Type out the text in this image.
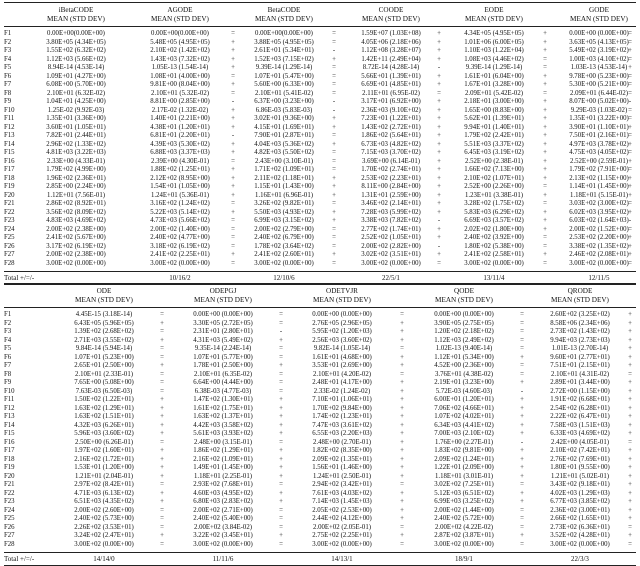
iBetaCODE
MEAN (STD DEV)
AGODE
MEAN (STD DEV)
BetaCODE
MEAN (STD DEV)
COODE
MEAN (STD DEV)
EODE
MEAN (STD DEV)
GODE
MEAN (STD DEV)
F1	0.00E+00(0.00E+00)	0.00E+00(0.00E+00)	=	0.00E+00(0.00E+00)	=	1.59E+07 (1.03E+08)	+	4.34E+05 (4.95E+05)	+	0.00E+00 (0.00E+00) =
F2	3.80E+05 (4.34E+05)	5.48E+05 (4.95E+05)	+	3.88E+05 (4.95E+05)	=	4.05E+06 (2.18E+06)	+	1.01E+06 (6.00E+05)	+	3.63E+05 (4.13E+05) =
F3	1.55E+02 (6.32E+02)	2.10E+02 (1.42E+02)	+	2.61E+01 (5.34E+01)	-	1.12E+08 (3.28E+07)	+	1.10E+03 (1.22E+04)	+	5.49E+02 (3.19E+02) +
F4	1.12E+03 (5.66E+02)	1.43E+03 (7.32E+02)	+	1.52E+03 (7.15E+02)	+	1.42E+11 (2.49E+04)	+	1.08E+03 (4.46E+02)	=	1.00E+03 (4.10E+02) =
F5	8.94E-14 (4.53E-14)	1.05E-13 (1.54E-14)	+	9.39E-14 (1.29E-14)	=	8.72E-14 (4.28E-14)	-	9.39E-14 (1.29E-14)	=	1.03E-13 (4.53E-14) +
F6	1.09E+01 (4.27E+00)	1.08E+01 (4.00E+00)	=	1.07E+01 (5.47E+00)	=	5.66E+01 (1.39E+01)	+	1.61E+01 (6.04E+00)	+	9.78E+00 (5.23E+00) =
F7	6.08E+00 (5.70E+00)	9.81E+00 (8.04E+00)	+	5.60E+00 (6.33E+00)	=	6.69E+01 (4.85E+01)	+	1.67E+01 (3.28E+00)	+	5.30E+00 (5.21E+00) =
F8	2.10E+01 (6.32E-02)	2.10E+01 (5.32E-02)	=	2.10E+01 (5.41E-02)	=	2.11E+01 (6.95E-02)	=	2.09E+01 (5.42E-02)	=	2.09E+01 (6.44E-02) =
F9	1.04E+01 (4.25E+00)	8.81E+00 (2.85E+00)	-	6.37E+00 (3.23E+00)	-	3.17E+01 (6.92E+00)	+	2.18E+01 (3.00E+00)	+	8.07E+00 (5.02E+00) -
F10	1.25E-02 (9.92E-03)	2.17E-02 (1.32E-02)	+	6.86E-03 (5.83E-03)	-	2.36E+03 (9.10E+02)	+	1.65E+00 (8.83E+00)	+	9.29E-03 (1.03E-02) =
F11	1.35E+01 (3.36E+00)	1.40E+01 (2.21E+00)	+	3.02E+01 (9.36E+00)	+	7.23E+01 (1.22E+01)	+	5.62E+01 (1.39E+01)	+	1.35E+01 (3.22E+00) =
F12	3.60E+01 (1.05E+01)	4.38E+01 (1.20E+01)	+	4.15E+01 (1.69E+01)	+	1.43E+02 (2.72E+01)	+	9.94E+01 (1.40E+01)	+	3.90E+01 (1.10E+01) +
F13	7.82E+01 (2.44E+01)	6.81E+01 (2.20E+01)	-	7.90E+01 (2.87E+01)	=	1.86E+02 (5.64E+01)	+	1.79E+02 (2.42E+01)	+	7.50E+01 (2.16E+01) =
F14	2.96E+02 (1.33E+02)	4.39E+03 (5.30E+02)	+	4.04E+03 (5.36E+02)	+	6.73E+03 (4.82E+02)	+	5.51E+03 (3.37E+02)	+	4.97E+03 (3.78E+02) +
F15	4.81E+03 (3.22E+03)	6.88E+03 (3.37E+03)	+	4.82E+03 (5.50E+02)	=	7.15E+03 (3.70E+02)	+	6.45E+03 (3.19E+02)	+	4.75E+03 (4.05E+02) =
F16	2.33E+00 (4.33E-01)	2.39E+00 (4.30E-01)	=	2.43E+00 (3.10E-01)	=	3.69E+00 (6.14E-01)	+	2.52E+00 (2.38E-01)	+	2.52E+00 (2.59E-01) +
F17	1.79E+02 (4.99E+00)	1.88E+02 (1.25E+01)	+	1.71E+02 (1.09E+01)	=	1.70E+02 (2.74E+01)	+	1.66E+02 (7.13E+00)	+	1.79E+02 (7.91E+00) =
F18	1.96E+02 (2.36E+01)	2.12E+02 (8.95E+00)	+	2.11E+02 (1.18E+01)	+	2.53E+02 (2.23E+01)	+	2.10E+02 (1.07E+01)	+	2.13E+02 (1.15E+00) +
F19	2.85E+00 (2.24E+00)	1.54E+01 (1.05E+00)	+	1.15E+01 (1.43E+00)	+	8.11E+00 (2.84E+00)	+	2.52E+00 (2.26E+00)	=	1.14E+01 (1.45E+00) +
F20	1.12E+01 (7.56E-01)	1.24E+01 (5.36E-01)	+	1.16E+01 (6.96E-01)	+	1.31E+01 (2.59E+00)	+	1.23E+01 (3.38E-01)	+	1.18E+01 (5.15E-01) +
F21	2.86E+02 (8.92E+01)	3.16E+02 (1.24E+02)	=	3.26E+02 (9.82E+01)	=	3.46E+02 (2.14E+01)	+	3.28E+02 (1.75E+02)	=	3.03E+02 (3.00E+02) =
F22	3.56E+02 (8.09E+02)	5.22E+03 (5.14E+02)	+	5.50E+03 (4.93E+02)	+	7.28E+03 (5.99E+02)	+	5.83E+03 (6.29E+02)	+	6.02E+03 (3.95E+02) +
F23	4.83E+03 (4.69E+02)	4.73E+03 (5.66E+02)	=	6.99E+03 (3.15E+02)	+	3.38E+03 (7.82E+02)	-	6.69E+03 (3.57E+02)	+	6.03E+02 (1.64E+03) -
F24	2.00E+02 (2.38E+00)	2.00E+02 (1.40E+00)	=	2.00E+02 (2.79E+00)	=	2.77E+02 (1.74E+01)	+	2.02E+02 (1.80E+00)	+	2.00E+02 (1.52E+00) =
F25	2.41E+02 (5.67E+00)	2.40E+02 (4.77E+00)	=	2.40E+02 (6.79E+00)	=	2.52E+02 (1.05E+01)	+	2.40E+02 (3.92E+00)	=	2.53E+02 (2.20E+00) +
F26	3.17E+02 (6.19E+02)	3.18E+02 (6.19E+02)	=	1.78E+02 (3.64E+02)	=	2.00E+02 (2.82E+00)	-	1.80E+02 (5.38E+00)	=	3.38E+02 (1.35E+02) +
F27	2.00E+02 (2.38E+00)	2.41E+02 (2.25E+01)	+	2.41E+02 (2.60E+01)	+	3.02E+02 (3.51E+01)	+	2.41E+02 (2.58E+01)	+	2.46E+02 (2.08E+01) +
F28	3.00E+02 (0.00E+00)	3.00E+02 (0.00E+00)	=	3.00E+02 (0.00E+00)	=	3.00E+02 (0.00E+00)	=	3.00E+02 (0.00E+00)	=	3.00E+02 (0.00E+00) =
Total +/=/-	10/16/2	12/10/6	22/5/1	13/11/4	12/11/5
ODE
MEAN (STD DEV)
ODEPGJ
MEAN (STD DEV)
ODETVJR
MEAN (STD DEV)
QODE
MEAN (STD DEV)
QRODE
MEAN (STD DEV)
F1	4.45E-15 (3.18E-14)	=	0.00E+00 (0.00E+00)	=	0.00E+00 (0.00E+00)	=	0.00E+00 (0.00E+00)	=	2.60E+02 (3.25E+02)	+
F2	6.43E+05 (5.96E+05)	+	3.30E+05 (2.72E+05)	=	2.76E+05 (2.96E+05)	+	3.90E+05 (2.75E+05)	=	8.58E+06 (2.34E+06)	+
F3	1.39E+02 (2.68E+02)	=	2.31E+01 (2.80E+01)	-	5.95E+02 (1.20E+03)	+	1.20E+02 (2.18E+02)	=	2.73E+02 (1.43E+02)	+
F4	2.71E+03 (3.55E+02)	+	4.31E+03 (5.49E+02)	+	2.56E+03 (3.60E+02)	+	1.12E+03 (2.49E+02)	=	9.94E+03 (2.73E+03)	+
F5	9.84E-14 (5.94E-14)	=	9.35E-14 (2.24E-14)	=	9.82E-14 (1.05E-14)	=	1.02E-13 (9.40E-14)	=	1.01E-13 (2.70E-14)	+
F6	1.07E+01 (5.23E+00)	=	1.07E+01 (5.77E+00)	=	1.61E+01 (4.68E+00)	+	1.12E+01 (5.34E+00)	+	9.60E+01 (2.77E+01)	+
F7	2.65E+01 (2.50E+00)	+	1.78E+01 (2.50E+00)	+	3.53E+01 (2.69E+00)	+	4.52E+00 (2.36E+00)	=	7.51E+01 (2.15E+01)	+
F8	2.10E+01 (2.33E-01)	=	2.10E+01 (6.35E-02)	=	2.10E+01 (4.20E-02)	=	3.76E+01 (4.38E-02)	=	2.10E+01 (4.31E-02)	=
F9	7.65E+00 (5.08E+00)	=	6.64E+00 (4.44E+00)	=	2.48E+01 (4.17E+00)	+	2.19E+01 (3.23E+00)	+	2.89E+01 (3.44E+00)	+
F10	7.63E-03 (6.50E-03)	=	6.38E-03 (4.77E-03)	=	2.33E-02 (1.24E-02)	+	5.72E-03 (4.60E-03)	-	2.72E+00 (1.15E+00)	+
F11	1.50E+02 (1.22E+01)	+	1.47E+02 (1.30E+01)	+	7.10E+01 (1.06E+01)	+	6.00E+01 (1.20E+01)	+	1.91E+02 (6.68E+01)	+
F12	1.63E+02 (1.29E+01)	+	1.61E+02 (1.75E+01)	+	1.70E+02 (9.84E+00)	+	7.06E+02 (4.66E+01)	+	2.54E+02 (6.28E+01)	+
F13	1.63E+02 (1.51E+01)	+	1.63E+02 (1.37E+01)	+	1.74E+02 (1.23E+01)	+	1.07E+02 (4.02E+01)	+	2.22E+02 (6.47E+01)	+
F14	4.32E+03 (6.26E+01)	+	4.42E+03 (3.58E+02)	+	7.47E+03 (3.61E+02)	+	6.34E+03 (4.41E+02)	+	7.58E+03 (1.51E+03)	+
F15	5.96E+03 (3.60E+02)	+	5.61E+03 (3.93E+02)	+	6.55E+03 (2.20E+03)	+	7.00E+03 (2.10E+02)	+	6.33E+03 (4.69E+02)	+
F16	2.50E+00 (6.26E-01)	=	2.48E+00 (3.15E-01)	=	2.48E+00 (2.70E-01)	+	1.76E+00 (2.27E-01)	-	2.42E+00 (4.05E-01)	=
F17	1.97E+02 (1.60E+01)	+	1.86E+02 (1.29E+01)	+	1.82E+02 (8.35E+00)	+	1.83E+02 (9.81E+00)	+	2.10E+02 (7.42E+01)	+
F18	2.16E+02 (1.72E+01)	+	2.16E+02 (1.09E+01)	+	2.09E+02 (1.35E+01)	+	2.09E+02 (1.24E+01)	+	2.76E+02 (7.69E+01)	+
F19	1.53E+01 (1.20E+00)	+	1.49E+01 (1.45E+00)	+	1.56E+01 (1.46E+00)	+	1.22E+01 (2.09E+00)	+	1.80E+01 (9.55E+00)	+
F20	1.21E+01 (2.04E-01)	+	1.18E+01 (2.25E-01)	+	1.24E+01 (2.50E-01)	+	1.18E+01 (3.01E-01)	+	1.21E+01 (5.02E-01)	+
F21	2.97E+02 (8.42E+01)	=	2.93E+02 (7.68E+01)	=	2.94E+02 (3.42E+01)	=	3.02E+02 (7.25E+01)	=	3.43E+02 (9.18E+01)	+
F22	4.71E+03 (6.13E+02)	+	4.60E+03 (4.95E+02)	+	7.61E+03 (4.03E+02)	+	5.12E+03 (6.51E+02)	+	4.02E+03 (1.29E+03)	+
F23	6.51E+03 (4.35E+02)	+	6.80E+03 (2.83E+02)	+	7.14E+03 (1.45E+03)	+	6.99E+03 (3.25E+02)	+	6.77E+03 (3.85E+02)	+
F24	2.00E+02 (2.60E+00)	=	2.00E+02 (2.71E+00)	=	2.05E+02 (2.53E+00)	+	2.00E+02 (1.44E+00)	=	2.36E+02 (3.00E+01)	+
F25	2.40E+02 (5.73E+00)	=	2.40E+02 (5.40E+00)	=	2.44E+02 (4.12E+00)	+	2.40E+02 (5.72E+00)	=	2.66E+02 (1.65E+01)	+
F26	2.26E+02 (3.53E+01)	=	2.00E+02 (3.84E-02)	=	2.00E+02 (2.05E-01)	=	2.00E+02 (4.22E-02)	=	2.73E+02 (6.36E+01)	=
F27	3.24E+02 (2.47E+01)	+	3.22E+02 (3.45E+01)	+	2.75E+02 (2.25E+01)	+	2.87E+02 (3.87E+01)	+	3.52E+02 (4.28E+01)	+
F28	3.00E+02 (0.00E+00)	=	3.00E+02 (0.00E+00)	=	3.00E+02 (0.00E+00)	=	3.00E+02 (0.00E+00)	=	3.00E+02 (0.00E+00)	=
Total +/=/-	14/14/0	11/11/6	14/13/1	18/9/1	22/3/3
